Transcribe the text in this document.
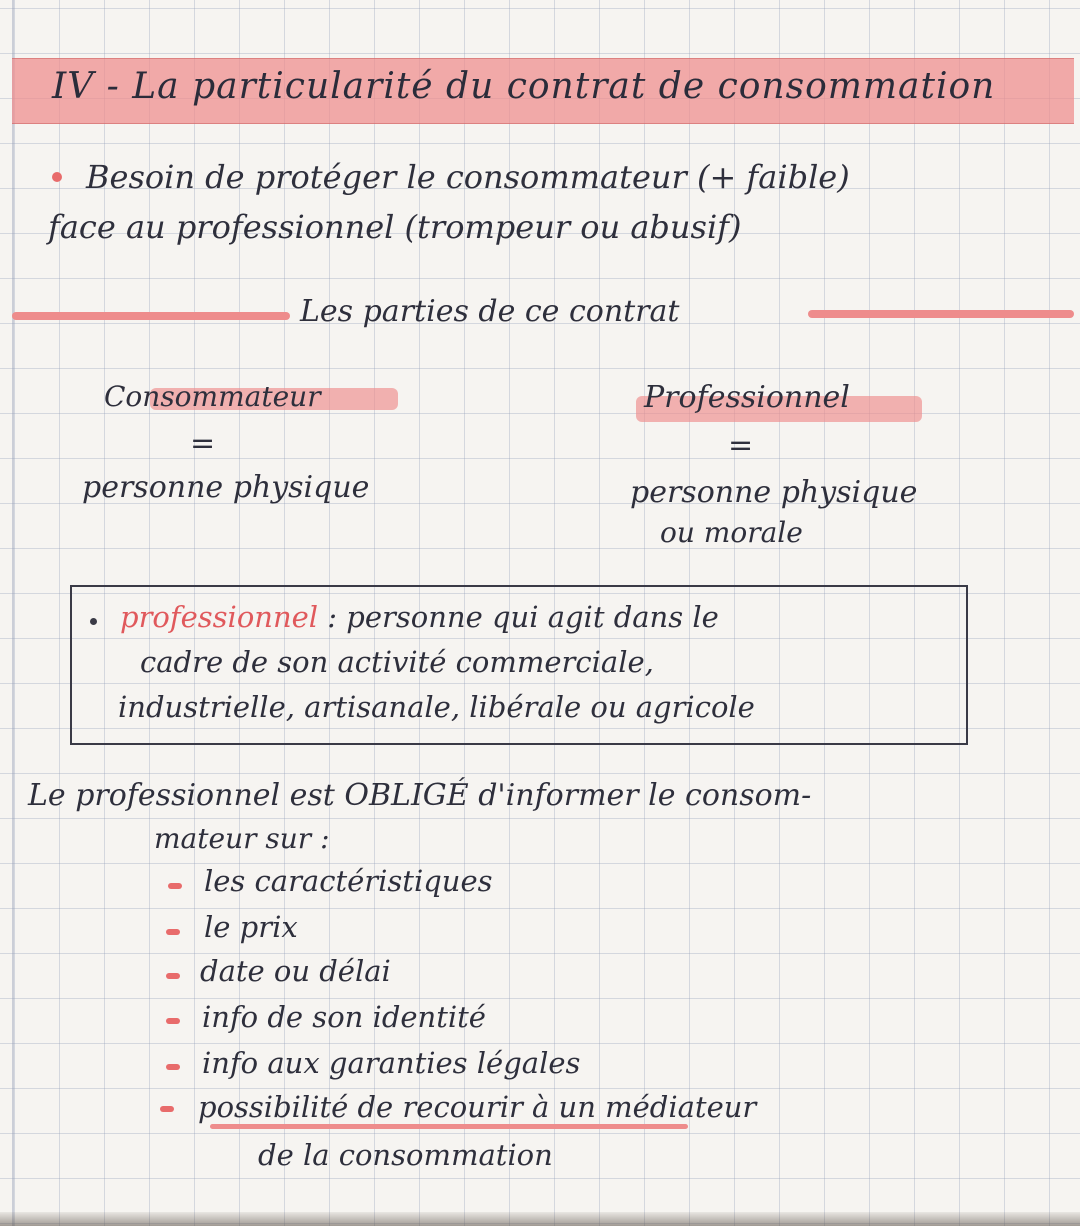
IV - La particularité du contrat de consommation
Besoin de protéger le consommateur (+ faible)
face au professionnel (trompeur ou abusif)
Les parties de ce contrat
Consommateur
=
personne physique
Professionnel
=
personne physique
ou morale
professionnel : personne qui agit dans le
cadre de son activité commerciale,
industrielle, artisanale, libérale ou agricole
Le professionnel est OBLIGÉ d'informer le consom-
mateur sur :
les caractéristiques
le prix
date ou délai
info de son identité
info aux garanties légales
possibilité de recourir à un médiateur
de la consommation
